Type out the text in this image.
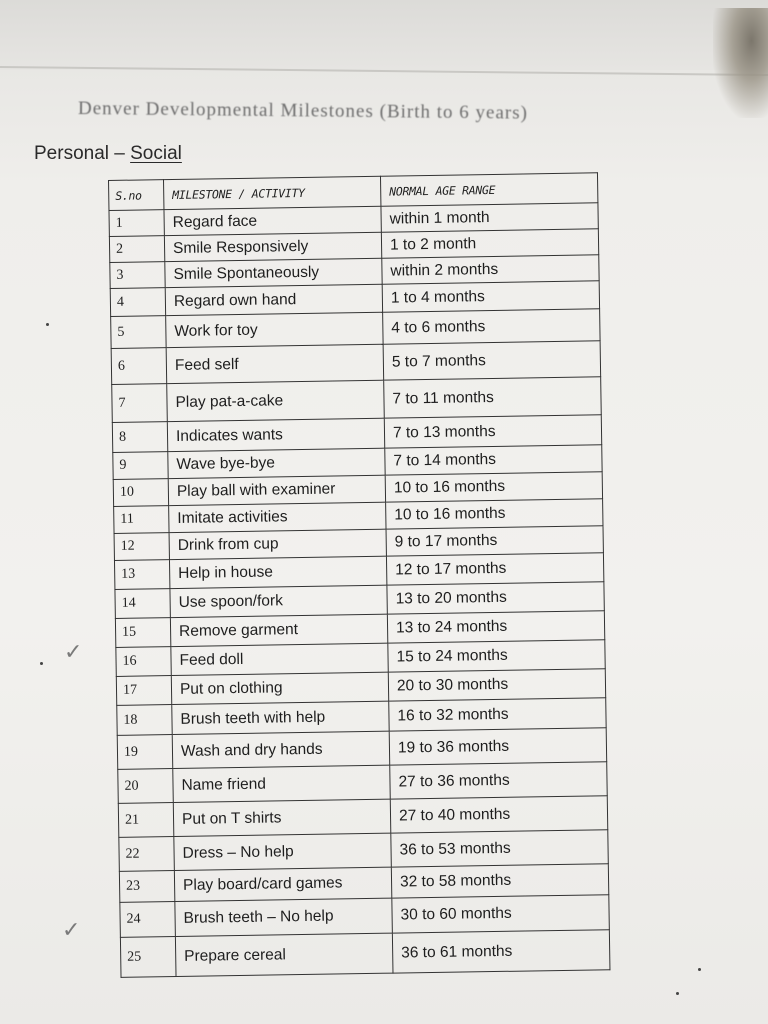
Denver Developmental Milestones (Birth to 6 years)
Personal – Social
S.no	MILESTONE / ACTIVITY	NORMAL AGE RANGE
1	Regard face	within 1 month
2	Smile Responsively	1 to 2 month
3	Smile Spontaneously	within 2 months
4	Regard own hand	1 to 4 months
5	Work for toy	4 to 6 months
6	Feed self	5 to 7 months
7	Play pat-a-cake	7 to 11 months
8	Indicates wants	7 to 13 months
9	Wave bye-bye	7 to 14 months
10	Play ball with examiner	10 to 16 months
11	Imitate activities	10 to 16 months
12	Drink from cup	9 to 17 months
13	Help in house	12 to 17 months
14	Use spoon/fork	13 to 20 months
15	Remove garment	13 to 24 months
16	Feed doll	15 to 24 months
17	Put on clothing	20 to 30 months
18	Brush teeth with help	16 to 32 months
19	Wash and dry hands	19 to 36 months
20	Name friend	27 to 36 months
21	Put on T shirts	27 to 40 months
22	Dress – No help	36 to 53 months
23	Play board/card games	32 to 58 months
24	Brush teeth – No help	30 to 60 months
25	Prepare cereal	36 to 61 months
✓
✓
